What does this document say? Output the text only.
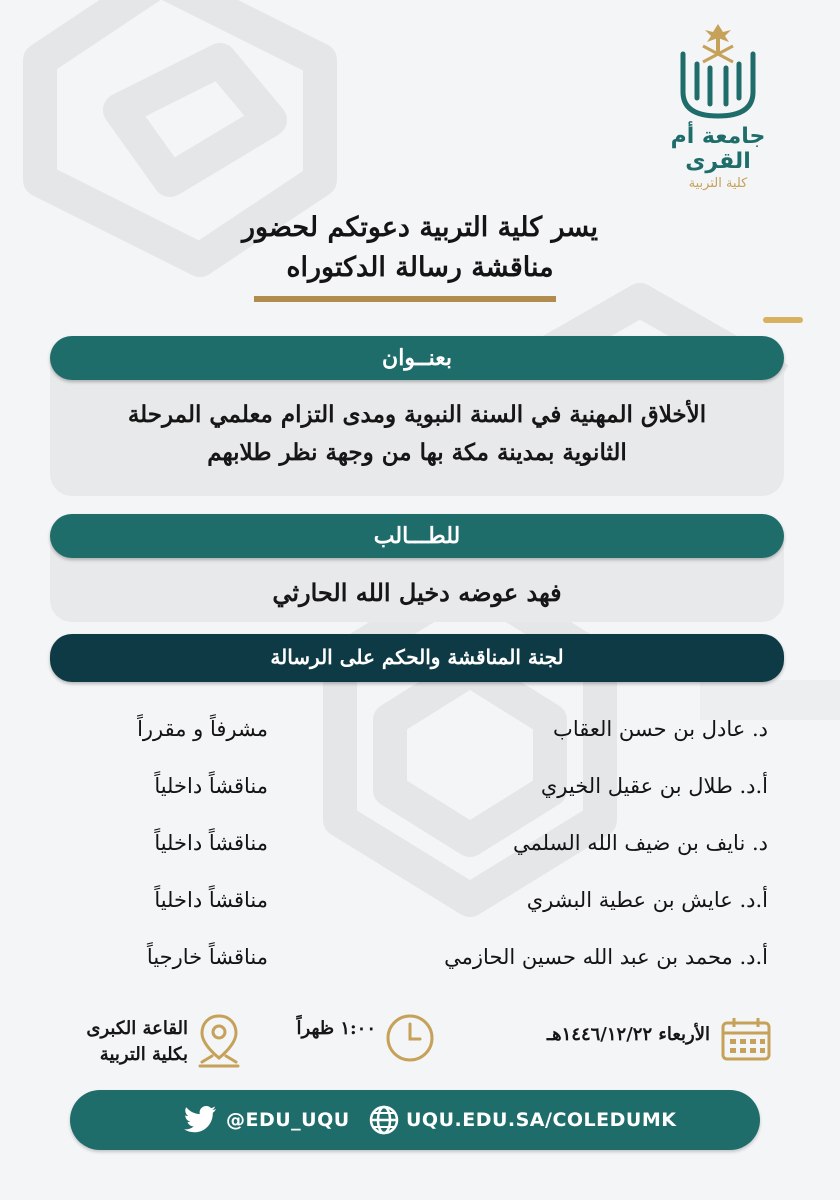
جامعة أم القرى
كلية التربية
يسر كلية التربية دعوتكم لحضور
مناقشة رسالة الدكتوراه
بعنــوان
الأخلاق المهنية في السنة النبوية ومدى التزام معلمي المرحلة
الثانوية بمدينة مكة بها من وجهة نظر طلابهم
للطـــالب
فهد عوضه دخيل الله الحارثي
لجنة المناقشة والحكم على الرسالة
د. عادل بن حسن العقاب
مشرفاً و مقرراً
أ.د. طلال بن عقيل الخيري
مناقشاً داخلياً
د. نايف بن ضيف الله السلمي
مناقشاً داخلياً
أ.د. عايش بن عطية البشري
مناقشاً داخلياً
أ.د. محمد بن عبد الله حسين الحازمي
مناقشاً خارجياً
الأربعاء ١٤٤٦/١٢/٢٢هـ
١:٠٠ ظهراً
القاعة الكبرى
بكلية التربية
@EDU_UQU	UQU.EDU.SA/COLEDUMK
